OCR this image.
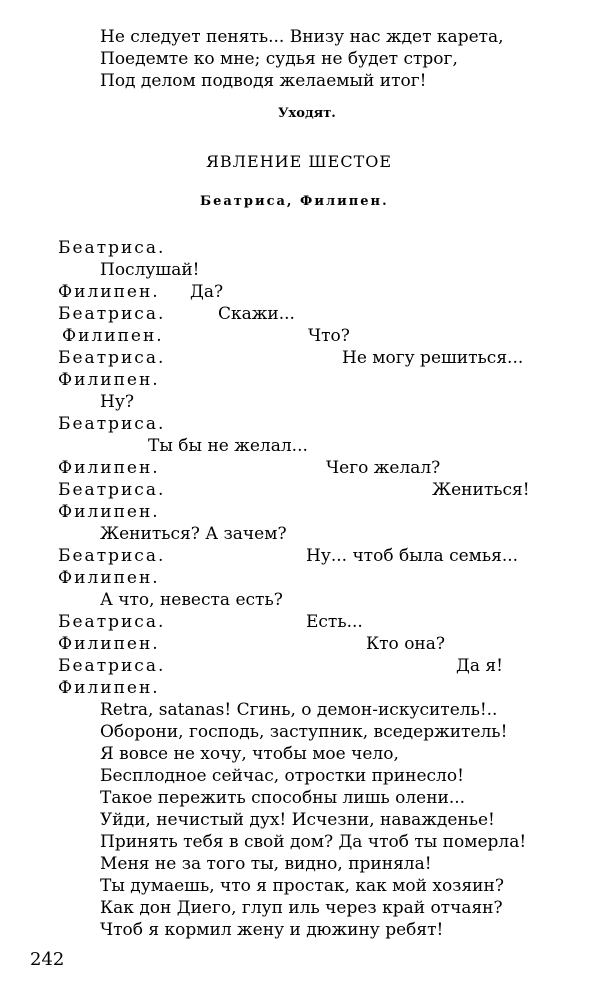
Не следует пенять... Внизу нас ждет карета,
Поедемте ко мне; судья не будет строг,
Под делом подводя желаемый итог!
Уходят.
ЯВЛЕНИЕ ШЕСТОЕ
Беатриса, Филипен.
Беатриса.
Послушай!
Филипен. Да?
Беатриса.	Скажи...
Филипен.	Что?
Беатриса.	Не могу решиться...
Филипен.
Ну?
Беатриса.
Ты бы не желал...
Филипен.	Чего желал?
Беатриса.	Жениться!
Филипен.
Жениться? А зачем?
Беатриса.	Ну... чтоб была семья...
Филипен.
А что, невеста есть?
Беатриса.	Есть...
Филипен.	Кто она?
Беатриса.	Да я!
Филипен.
Retra, satanas! Сгинь, о демон-искуситель!..
Оборони, господь, заступник, вседержитель!
Я вовсе не хочу, чтобы мое чело,
Бесплодное сейчас, отростки принесло!
Такое пережить способны лишь олени...
Уйди, нечистый дух! Исчезни, наважденье!
Принять тебя в свой дом? Да чтоб ты померла!
Меня не за того ты, видно, приняла!
Ты думаешь, что я простак, как мой хозяин?
Как дон Диего, глуп иль через край отчаян?
Чтоб я кормил жену и дюжину ребят!
242
